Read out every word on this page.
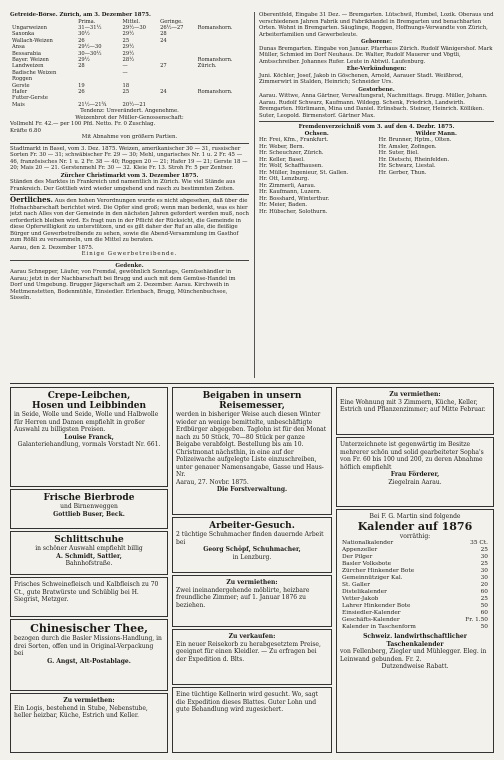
Getreide-Börse. Zürich, am 3. Dezember 1875.
	Prima.	Mittel.	Geringe.	
Ungarweizen	31—31½	29½—30	26½—27	Romanshorn.
Saxonka	30½	29½	28	
Wallach-Weizen	26	25	24	
Ansa	29½—30	29½		
Bessarabia	30—30½	29½		
Bayer. Weizen	29½	28½		Romanshorn.
Landweizen	28	—	27	Zürich.
Badische Weizen		—		
Roggen				
Gerste	19	18		
Hafer	26	25	24	Romanshorn.
Futter-Gerste				
Mais	21½—21¾	20½—21		
Tendenz: Unverändert. Angenehme.
Weizenbrot der Müller-Genossenschaft:
Vollmehl Fr. 42.— per 100 Pfd. Netto. Fr. 0 Zuschlag.
Kräfte 6.80
Mit Abnahme von größern Partien.
Stadtmarkt in Basel, vom 3. Dez. 1875. Weizen, amerikanischer 30 — 31, russischer Sorten Fr. 30 — 31; schwäbischer Fr. 29 — 30; Mehl, ungarisches Nr. 1 u. 2 Fr. 45 — 46, französisches Nr. 1 u. 2 Fr. 38 — 40; Roggen 20 — 21; Hafer 19 — 21; Gerste 18 — 20; Mais 20 — 21. Gerstenmehl Fr. 30 — 32. Kleie Fr. 13. Stroh Fr. 5 per Zentner.
Zürcher Christimarkt vom 3. Dezember 1875.
Ständen des Marktes in Frankreich und namentlich in Zürich. Wie viel Stände aus Frankreich. Der Gottlieb wird wieder umgehend und rasch zu bestimmten Zeiten.
Oertliches. Aus den hohen Verordnungen wurde es nicht abgesehen, daß über die Hofnachbarschaft berichtet wird. Die Opfer sind groß; wenn man bedenkt, was es hier jetzt nach Alles von der Gemeinde in den nächsten Jahren gefordert werden muß, noch erforderlich bleiben wird. Es fragt nun in der Pflicht der Rücksicht, die Gemeinde in diese Opferwilligkeit zu unterstützen, und es gilt daher der Ruf an alle, die fleißige Bürger und Gewerbetreibende zu sehen, sowie die Abend-Versammlung im Gasthof zum Rößli zu versammeln, um die Mittel zu beraten.
Aarau, den 2. Dezember 1875.
Einige Gewerbetreibende.
Gedenke.
Aarau Schnepper, Läufer, von Fremdal, gewöhnlich Sonntags, Gemüsehändler in Aarau; jetzt in der Nachbarschaft bei Brugg und auch mit dem Gemüse-Handel im Dorf und Umgebung. Brugger Jägerschaft am 2. Dezember. Aarau. Kirchweih in Mettmenstetten, Bodenmühle, Einsiedler. Erlenbach, Brugg, Münchenbuchsee, Sisseln.
Oberentfeld, Eingabe 31 Dez. — Bremgarten. Lütschwil, Humbel, Lozik. Oberaus und verschiedenen Jahren Fabrik und Fabrikhandel in Bremgarten und benachbarten Orten. Wohnt in Bremgarten. Säuglinge, Roggen, Hoffnungs-Verwandte von Zürich, Arbeiterfamilien und Gewerbeleute.
Geborene:
Dunas Bremgarten. Eingabe von Januar. Pfarrhaus Zürich. Rudolf Wänigershof. Mark Müller, Schmied im Dorf Neuhaus. Dr. Walter, Rudolf Mauerer und Vögtli, Amtsschreiber. Johannes Rufer. Leute in Abtwil. Laufenburg.
Ehe-Verkündungen:
Juni. Köchler, Josef, Jakob in Göschenen, Arnold, Aarauer Stadt. Weißbrod, Zimmerwirt in Stalden, Heinrich; Schneider Urs.
Gestorbene.
Aarau. Wittwe, Anna Gärtner, Verwaltungsrat, Nachmittags. Brugg. Müller, Johann. Aarau. Rudolf Schwarz, Kaufmann. Wildegg. Schenk, Friedrich, Landwirth. Bremgarten. Hürlimann, Mina und Daniel. Erlinsbach. Steiner, Heinrich. Kölliken. Suter, Leopold. Birmenstorf. Gärtner Max.
Fremdenverzeichniß vom 3. auf den 4. Dezbr. 1875.
Ochsen.
Hr. Frei, Kfm., Frankfurt.
Hr. Weber, Bern.
Hr. Scheuchzer, Zürich.
Hr. Keller, Basel.
Hr. Wolf, Schaffhausen.
Hr. Müller, Ingenieur, St. Gallen.
Hr. Ott, Lenzburg.
Hr. Zimmerli, Aarau.
Hr. Kaufmann, Luzern.
Hr. Bosshard, Winterthur.
Hr. Meier, Baden.
Hr. Hübscher, Solothurn.
Wilder Mann.
Hr. Brunner, Hptm., Olten.
Hr. Amsler, Zofingen.
Hr. Suter, Biel.
Hr. Dietschi, Rheinfelden.
Hr. Schwarz, Liestal.
Hr. Gerber, Thun.
Crepe-Leibchen,
Hosen und Leibbinden
in Seide, Wolle und Seide, Wolle und Halbwolle für Herren und Damen empfiehlt in großer Auswahl zu billigsten Preisen.
Louise Franck,
Galanteriehandlung, vormals Vorstadt Nr. 661.
Frische Bierbrode
und Birnenweggen
Gottlieb Buser, Beck.
Schlittschuhe
in schöner Auswahl empfiehlt billig
A. Schmidt, Sattler,
Bahnhofstraße.
Frisches Schweinefleisch und Kalbfleisch zu 70 Ct., gute Bratwürste und Schüblig bei H. Siegrist, Metzger.
Chinesischer Thee,
bezogen durch die Basler Missions-Handlung, in drei Sorten, offen und in Original-Verpackung bei
G. Angst, Alt-Postablage.
Zu vermiethen:
Ein Logis, bestehend in Stube, Nebenstube, heller heizbar, Küche, Estrich und Keller.
Beigaben in unsern Reisemesser,
werden in bisheriger Weise auch diesen Winter wieder an wenige bemittelte, unbeschäftigte Erdbürger abgegeben. Taglohn ist für den Monat nach zu 50 Stück, 70—80 Stück per ganze Beigabe verabfolgt. Bestellung bis am 10. Christmonat nächsthin, in eine auf der Polizeiwache aufgelegte Liste einzuschreiben, unter genauer Namensangabe, Gasse und Haus-Nr.
Aarau, 27. Novbr. 1875.
Die Forstverwaltung.
Arbeiter-Gesuch.
2 tüchtige Schuhmacher finden dauernde Arbeit bei
Georg Schöpf, Schuhmacher,
in Lenzburg.
Zu vermiethen:
Zwei ineinandergehende möblirte, heizbare freundliche Zimmer; auf 1. Januar 1876 zu beziehen.
Zu verkaufen:
Ein neuer Reisekorb zu herabgesetztem Preise, geeignet für einen Kleidler. — Zu erfragen bei der Expedition d. Blts.
Eine tüchtige Kellnerin wird gesucht. Wo, sagt die Expedition dieses Blattes. Guter Lohn und gute Behandlung wird zugesichert.
Zu vermiethen:
Eine Wohnung mit 3 Zimmern, Küche, Keller, Estrich und Pflanzenzimmer; auf Mitte Februar.
Unterzeichnete ist gegenwärtig im Besitze mehrerer schön und solid gearbeiteter Sopha's von Fr. 60 bis 100 und 200, zu deren Abnahme höflich empfiehlt
Frau Förderer,
Ziegelrain Aarau.
Bei F. G. Martin sind folgende
Kalender auf 1876
vorräthig:
Nationalkalender	35 Ct.
Appenzeller	25
Der Pilger	30
Basler Volksbote	25
Zürcher Hinkender Bote	30
Gemeinnütziger Kal.	30
St. Galler	20
Distelikalender	60
Vetter-Jakob	25
Lahrer Hinkender Bote	50
Einsiedler-Kalender	60
Geschäfts-Kalender	Fr. 1.50
Kalender in Taschenform	50
Schweiz. landwirthschaftlicher Taschenkalender
von Fellenberg, Ziegler und Mühlegger. Eleg. in Leinwand gebunden. Fr. 2.
Dutzendweise Rabatt.
